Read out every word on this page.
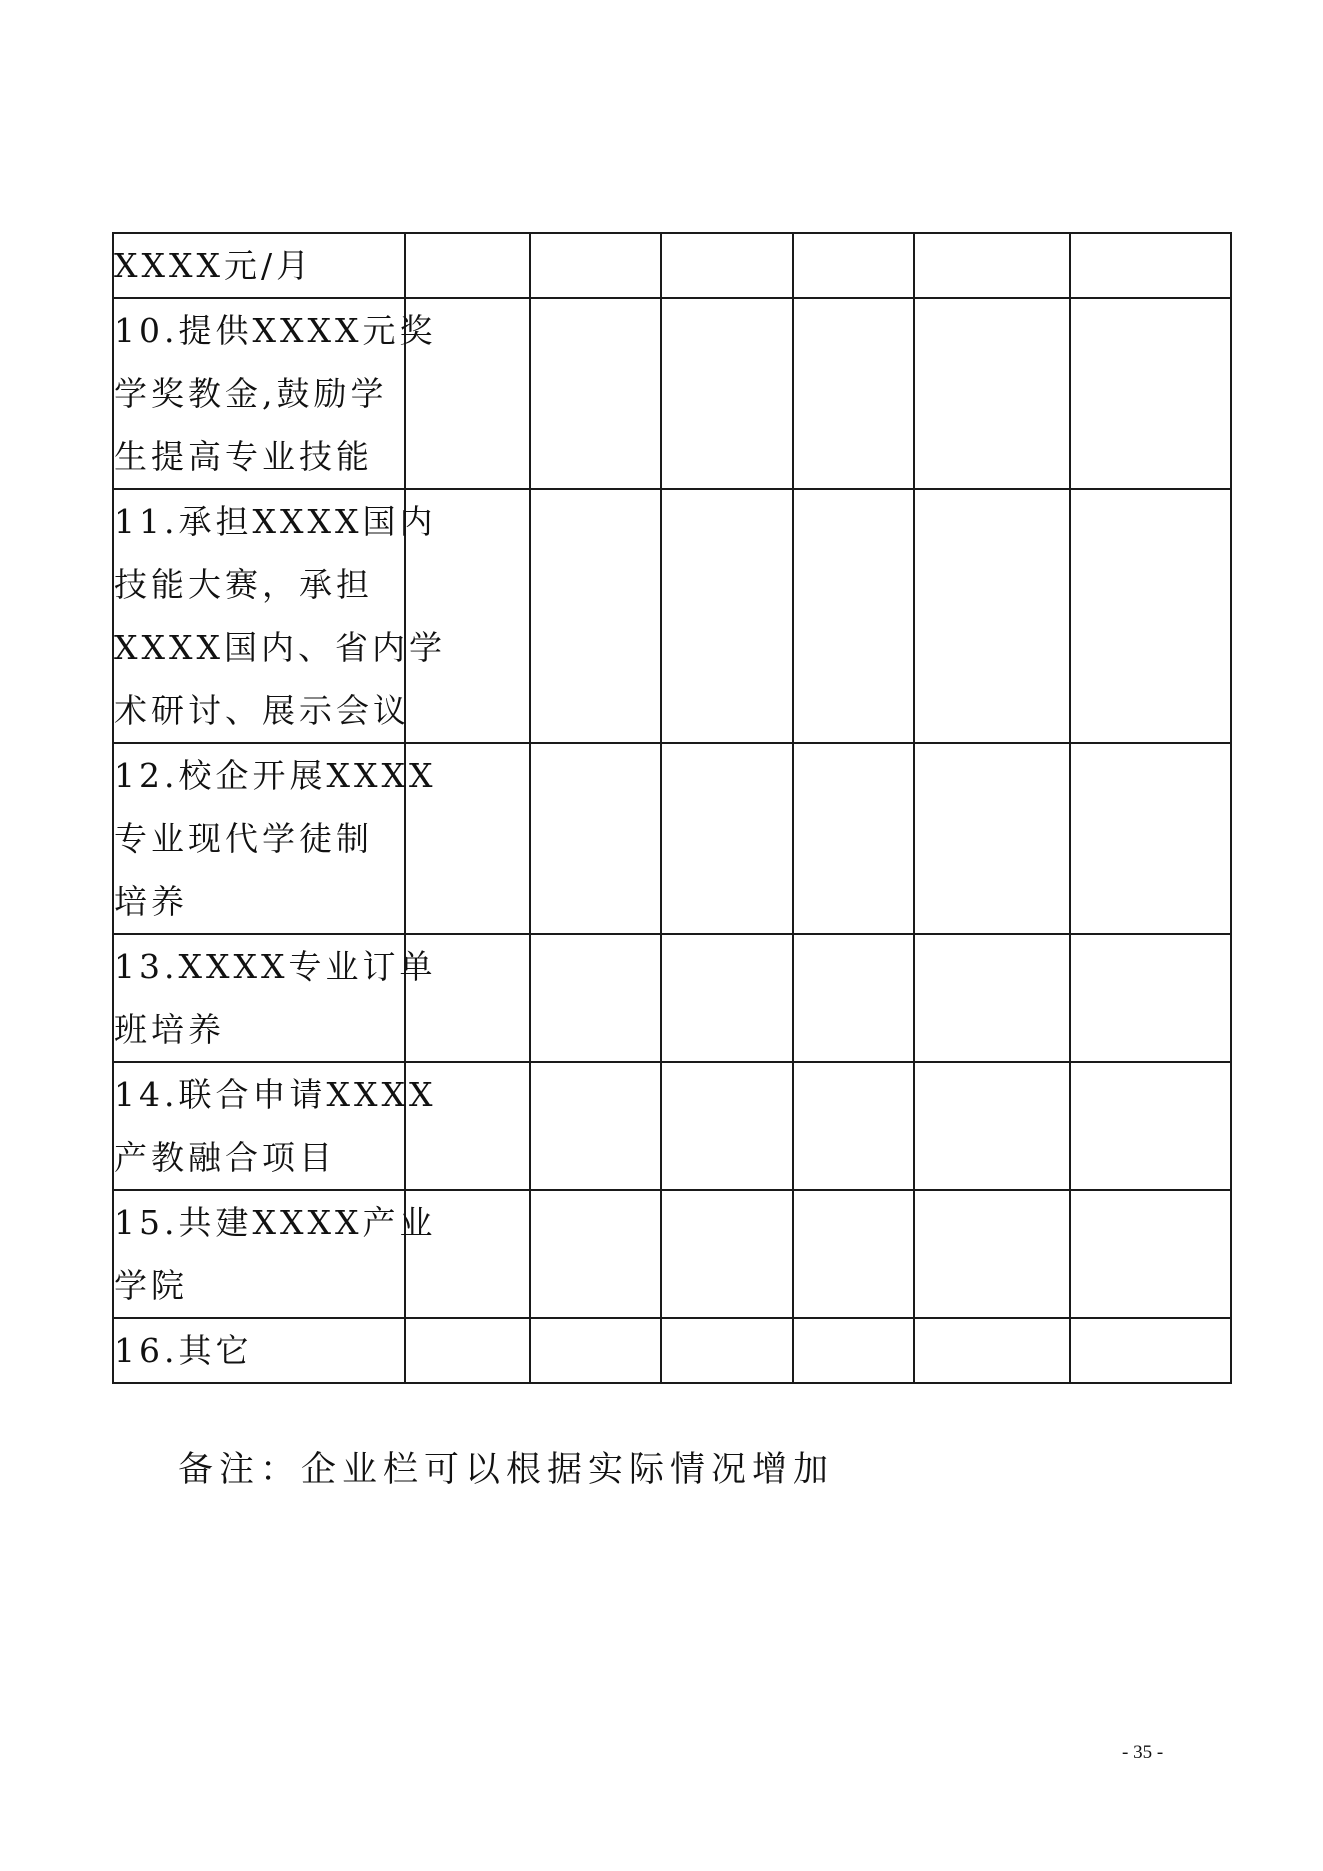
XXXX元/月						

10.提供XXXX元奖
学奖教金,鼓励学
生提高专业技能						

11.承担XXXX国内
技能大赛，承担
XXXX国内、省内学
术研讨、展示会议						

12.校企开展XXXX
专业现代学徒制
培养						

13.XXXX专业订单
班培养						

14.联合申请XXXX
产教融合项目						

15.共建XXXX产业
学院						

16.其它						

备注：企业栏可以根据实际情况增加
- 35 -
